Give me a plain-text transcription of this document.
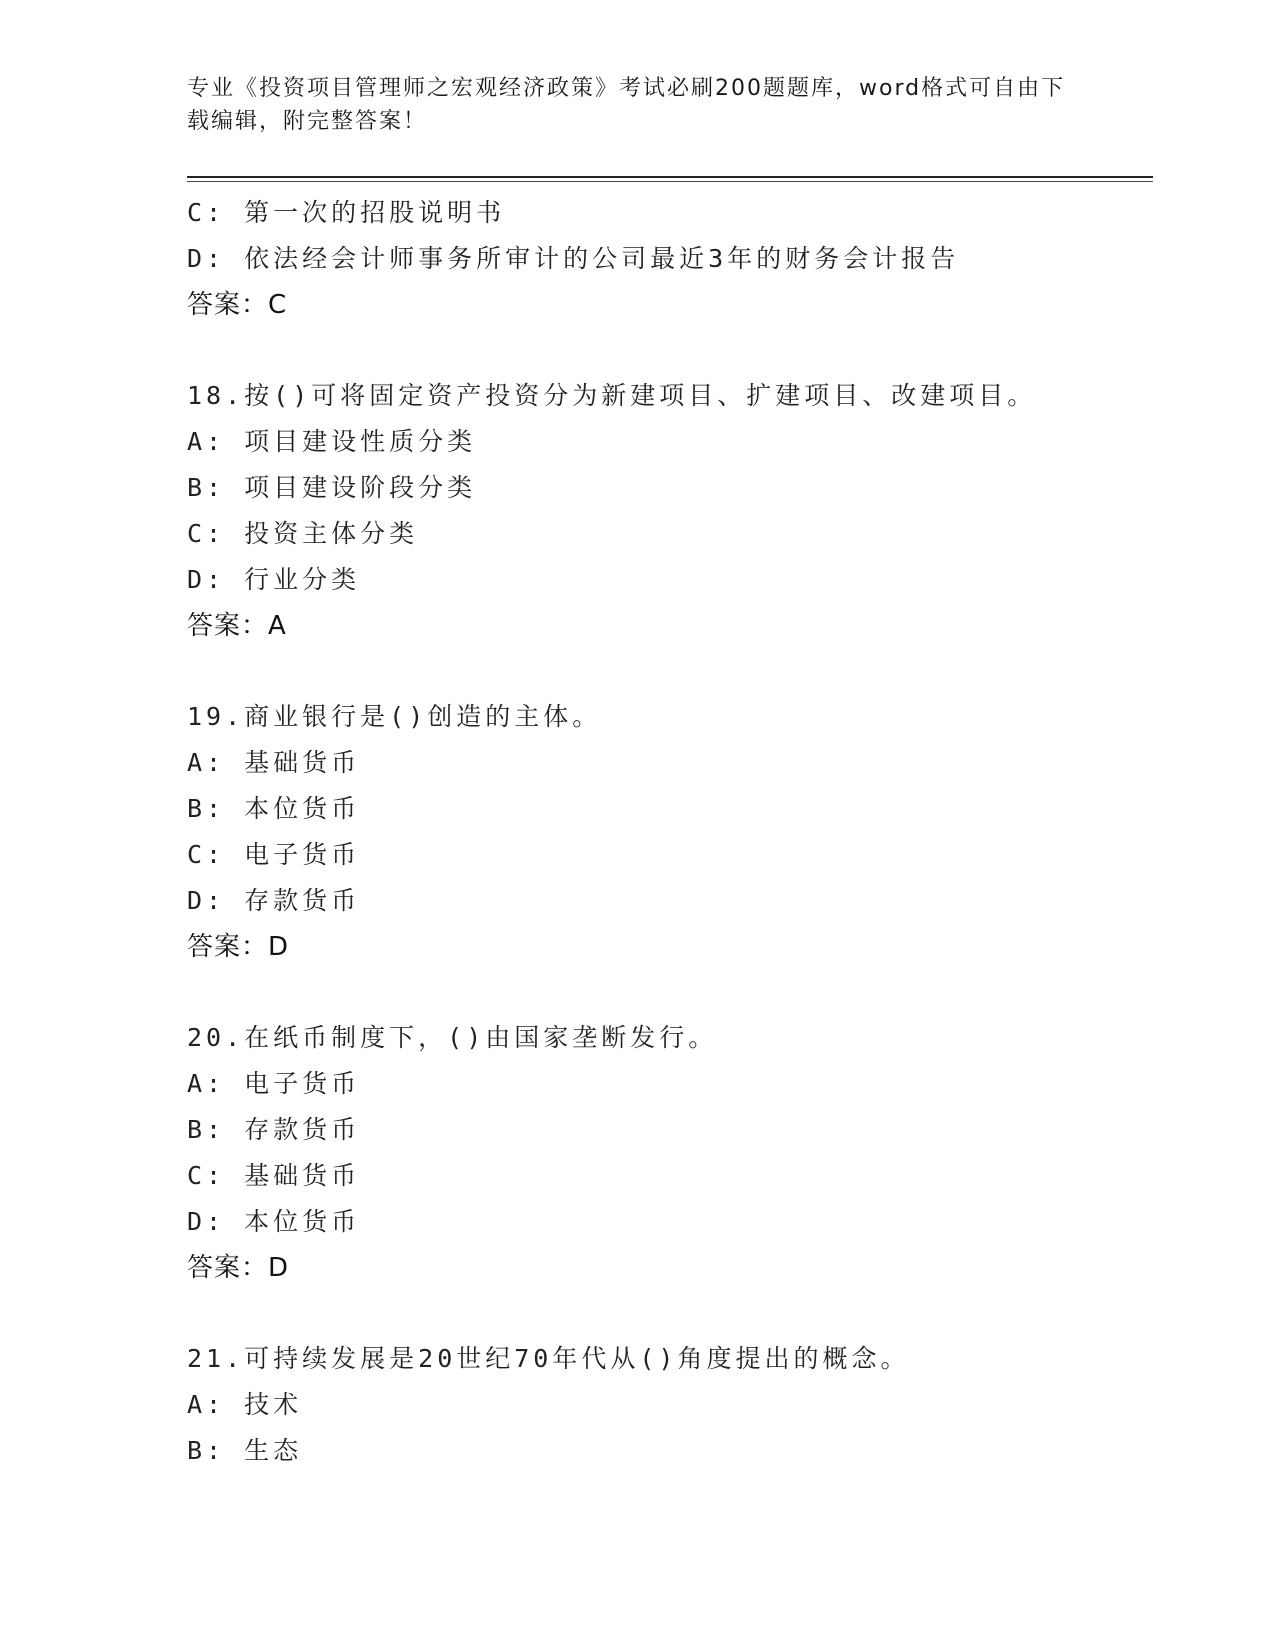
专业《投资项目管理师之宏观经济政策》考试必刷200题题库，word格式可自由下载编辑，附完整答案！
C: 第一次的招股说明书
D: 依法经会计师事务所审计的公司最近3年的财务会计报告
答案：C
18.按()可将固定资产投资分为新建项目、扩建项目、改建项目。
A: 项目建设性质分类
B: 项目建设阶段分类
C: 投资主体分类
D: 行业分类
答案：A
19.商业银行是()创造的主体。
A: 基础货币
B: 本位货币
C: 电子货币
D: 存款货币
答案：D
20.在纸币制度下，()由国家垄断发行。
A: 电子货币
B: 存款货币
C: 基础货币
D: 本位货币
答案：D
21.可持续发展是20世纪70年代从()角度提出的概念。
A: 技术
B: 生态
